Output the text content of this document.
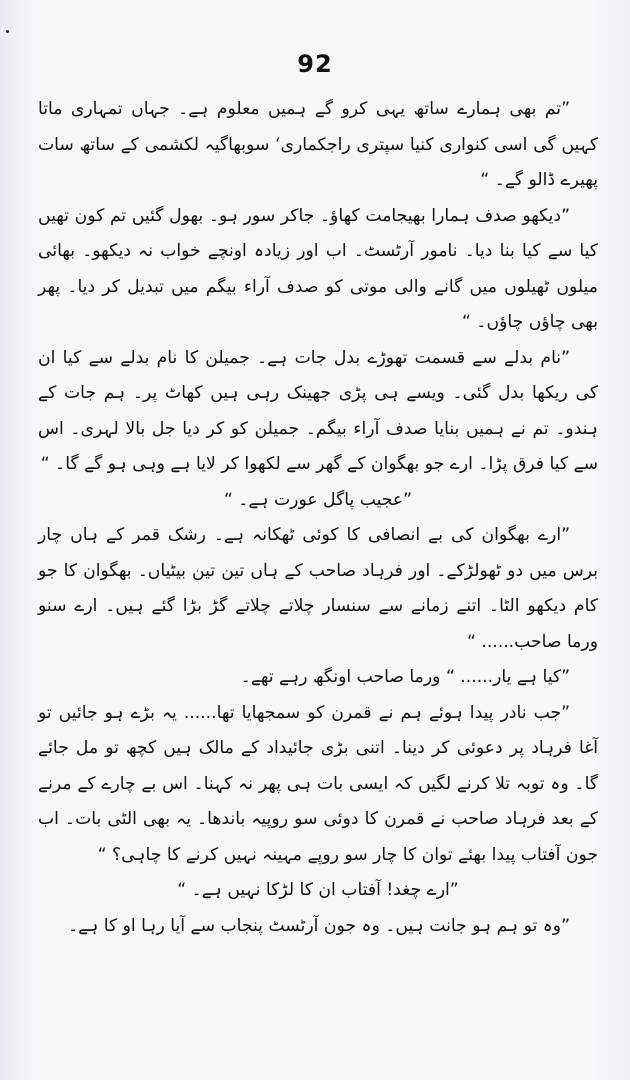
92

”تم بھی ہمارے ساتھ یہی کرو گے ہمیں معلوم ہے۔ جہاں تمہاری ماتا کہیں گی اسی کنواری کنیا سپتری راجکماری‘ سوبھاگیہ لکشمی کے ساتھ سات پھیرے ڈالو گے۔ “

”دیکھو صدف ہمارا بھیجامت کھاؤ۔ جاکر سور ہو۔ بھول گئیں تم کون تھیں کیا سے کیا بنا دیا۔ نامور آرٹسٹ۔ اب اور زیادہ اونچے خواب نہ دیکھو۔ بھائی میلوں ٹھیلوں میں گانے والی موتی کو صدف آراء بیگم میں تبدیل کر دیا۔ پھر بھی چاؤں چاؤں۔ “

”نام بدلے سے قسمت تھوڑے بدل جات ہے۔ جمیلن کا نام بدلے سے کیا ان کی ریکھا بدل گئی۔ ویسے ہی پڑی جھینک رہی ہیں کھاٹ پر۔ ہم جات کے ہندو۔ تم نے ہمیں بنایا صدف آراء بیگم۔ جمیلن کو کر دیا جل بالا لہری۔ اس سے کیا فرق پڑا۔ ارے جو بھگوان کے گھر سے لکھوا کر لایا ہے وہی ہو گے گا۔ “

”عجیب پاگل عورت ہے۔ “

”ارے بھگوان کی بے انصافی کا کوئی ٹھکانہ ہے۔ رشک قمر کے ہاں چار برس میں دو ٹھولڑکے۔ اور فرہاد صاحب کے ہاں تین تین بیٹیاں۔ بھگوان کا جو کام دیکھو الٹا۔ اتنے زمانے سے سنسار چلاتے چلاتے گڑ بڑا گئے ہیں۔ ارے سنو ورما صاحب...... “

”کیا ہے یار...... “ ورما صاحب اونگھ رہے تھے۔

”جب نادر پیدا ہوئے ہم نے قمرن کو سمجھایا تھا...... یہ بڑے ہو جائیں تو آغا فرہاد پر دعوئی کر دینا۔ اتنی بڑی جائیداد کے مالک ہیں کچھ تو مل جائے گا۔ وہ توبہ تلا کرنے لگیں کہ ایسی بات ہی پھر نہ کہنا۔ اس بے چارے کے مرنے کے بعد فرہاد صاحب نے قمرن کا دوئی سو روپیہ باندھا۔ یہ بھی الٹی بات۔ اب جون آفتاب پیدا بھئے توان کا چار سو روپے مہینہ نہیں کرنے کا چاہی؟ “

”ارے چغد! آفتاب ان کا لڑکا نہیں ہے۔ “

”وہ تو ہم ہو جانت ہیں۔ وہ جون آرٹسٹ پنجاب سے آیا رہا او کا ہے۔
